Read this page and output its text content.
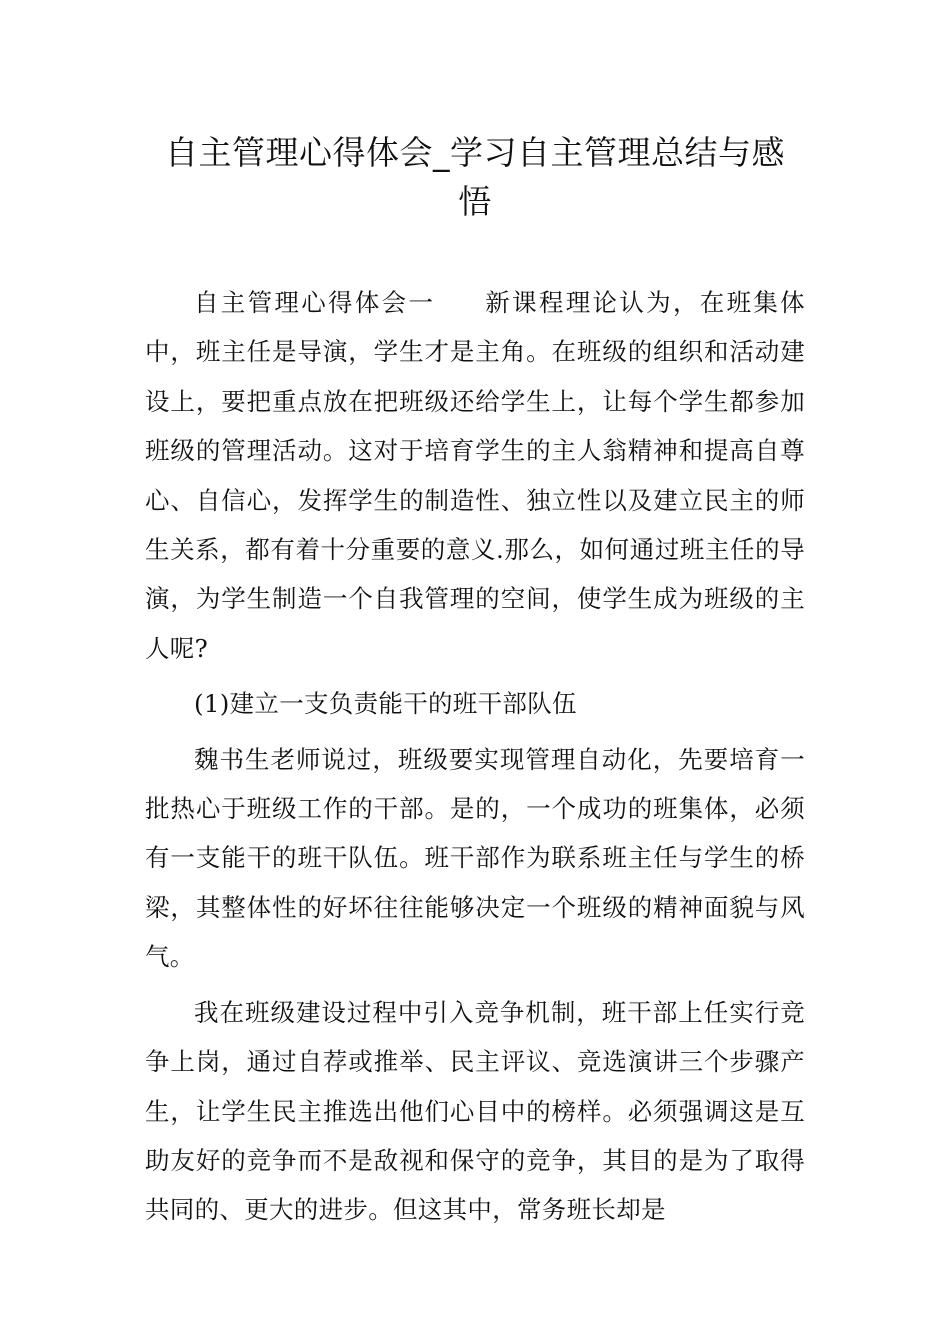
自主管理心得体会_学习自主管理总结与感
悟

自主管理心得体会一 新课程理论认为，在班集体中，班主任是导演，学生才是主角。在班级的组织和活动建设上，要把重点放在把班级还给学生上，让每个学生都参加班级的管理活动。这对于培育学生的主人翁精神和提高自尊心、自信心，发挥学生的制造性、独立性以及建立民主的师生关系，都有着十分重要的意义.那么，如何通过班主任的导演，为学生制造一个自我管理的空间，使学生成为班级的主人呢?

(1)建立一支负责能干的班干部队伍

魏书生老师说过，班级要实现管理自动化，先要培育一批热心于班级工作的干部。是的，一个成功的班集体，必须有一支能干的班干队伍。班干部作为联系班主任与学生的桥梁，其整体性的好坏往往能够决定一个班级的精神面貌与风气。

我在班级建设过程中引入竞争机制，班干部上任实行竞争上岗，通过自荐或推举、民主评议、竞选演讲三个步骤产生，让学生民主推选出他们心目中的榜样。必须强调这是互助友好的竞争而不是敌视和保守的竞争，其目的是为了取得共同的、更大的进步。但这其中，常务班长却是
